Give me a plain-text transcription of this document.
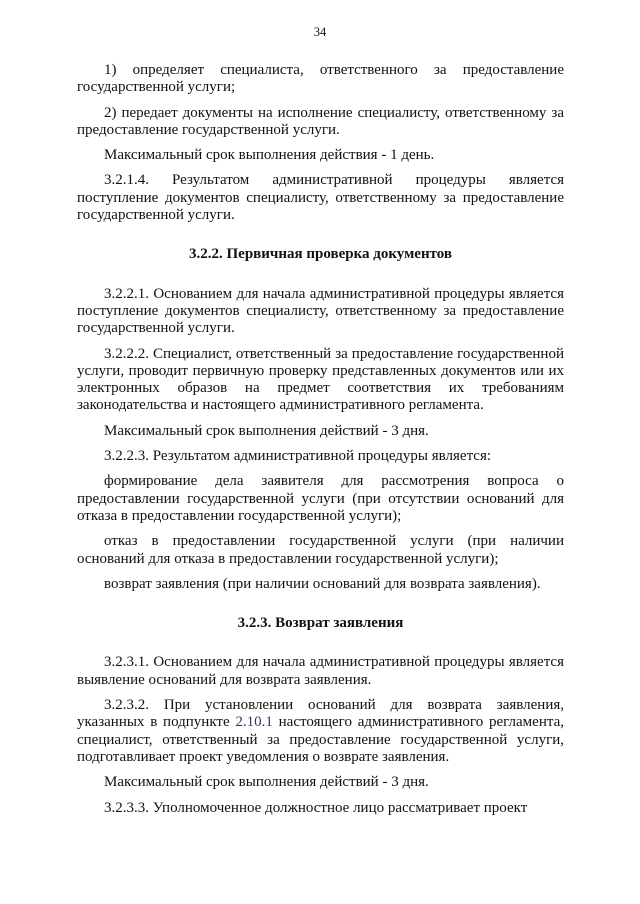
34

1) определяет специалиста, ответственного за предоставление государственной услуги;

2) передает документы на исполнение специалисту, ответственному за предоставление государственной услуги.

Максимальный срок выполнения действия - 1 день.

3.2.1.4. Результатом административной процедуры является поступление документов специалисту, ответственному за предоставление государственной услуги.

3.2.2. Первичная проверка документов

3.2.2.1. Основанием для начала административной процедуры является поступление документов специалисту, ответственному за предоставление государственной услуги.

3.2.2.2. Специалист, ответственный за предоставление государственной услуги, проводит первичную проверку представленных документов или их электронных образов на предмет соответствия их требованиям законодательства и настоящего административного регламента.

Максимальный срок выполнения действий - 3 дня.

3.2.2.3. Результатом административной процедуры является:

формирование дела заявителя для рассмотрения вопроса о предоставлении государственной услуги (при отсутствии оснований для отказа в предоставлении государственной услуги);

отказ в предоставлении государственной услуги (при наличии оснований для отказа в предоставлении государственной услуги);

возврат заявления (при наличии оснований для возврата заявления).

3.2.3. Возврат заявления

3.2.3.1. Основанием для начала административной процедуры является выявление оснований для возврата заявления.

3.2.3.2. При установлении оснований для возврата заявления, указанных в подпункте 2.10.1 настоящего административного регламента, специалист, ответственный за предоставление государственной услуги, подготавливает проект уведомления о возврате заявления.

Максимальный срок выполнения действий - 3 дня.

3.2.3.3. Уполномоченное должностное лицо рассматривает проект
